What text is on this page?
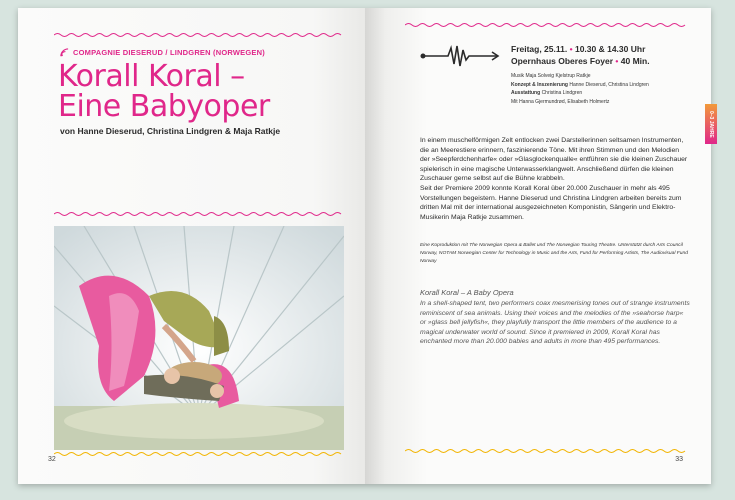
COMPAGNIE DIESERUD / LINDGREN (NORWEGEN)
Korall Koral –
Eine Babyoper
von Hanne Dieserud, Christina Lindgren & Maja Ratkje
32
Freitag, 25.11. • 10.30 & 14.30 Uhr
Opernhaus Oberes Foyer • 40 Min.
Musik Maja Solveig Kjelstrup Ratkje
Konzept & Inszenierung Hanne Dieserud, Christina Lindgren
Ausstattung Christina Lindgren
Mit Hanna Gjermundrød, Elisabeth Holmertz
0–3 JAHRE

In einem muschelförmigen Zelt entlocken zwei Darstellerinnen seltsamen Instrumenten, die an Meerestiere erinnern, faszinierende Töne. Mit ihren Stimmen und den Melodien der »Seepferdchenharfe« oder »Glasglockenqualle« entführen sie die kleinen Zuschauer spielerisch in eine magische Unterwasserklangwelt. Anschließend dürfen die kleinen Zuschauer gerne selbst auf die Bühne krabbeln.

Seit der Premiere 2009 konnte Korall Koral über 20.000 Zuschauer in mehr als 495 Vorstellungen begeistern. Hanne Dieserud und Christina Lindgren arbeiten bereits zum dritten Mal mit der international ausgezeichneten Komponistin, Sängerin und Elektro-Musikerin Maja Ratkje zusammen.

Eine Koproduktion mit The Norwegian Opera & Ballet und The Norwegian Touring Theatre. Unterstützt durch Arts Council Norway, NOTAM Norwegian Center for Technology in Music and the Arts, Fund for Performing Artists, The Audiovisual Fund Norway
Korall Koral – A Baby Opera
In a shell-shaped tent, two performers coax mesmerising tones out of strange instruments reminiscent of sea animals. Using their voices and the melodies of the »seahorse harp« or »glass bell jellyfish«, they playfully transport the little members of the audience to a magical underwater world of sound. Since it premiered in 2009, Korall Koral has enchanted more than 20.000 babies and adults in more than 495 performances.
33
